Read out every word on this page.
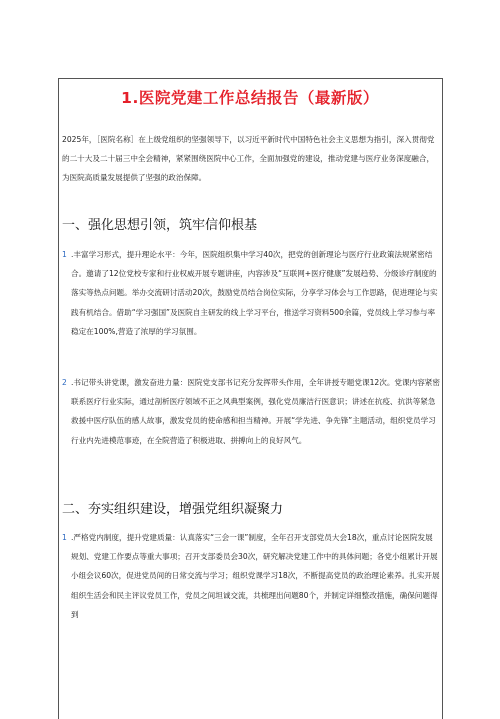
1.医院党建工作总结报告（最新版）
2025年，［医院名称］在上级党组织的坚强领导下，以习近平新时代中国特色社会主义思想为指引，深入贯彻党的二十大及二十届三中全会精神，紧紧围绕医院中心工作，全面加强党的建设，推动党建与医疗业务深度融合，为医院高质量发展提供了坚强的政治保障。
一、强化思想引领，筑牢信仰根基
1 .丰富学习形式，提升理论水平：今年，医院组织集中学习40次，把党的创新理论与医疗行业政策法规紧密结合。邀请了12位党校专家和行业权威开展专题讲座，内容涉及“互联网+医疗健康”发展趋势、分级诊疗制度的落实等热点问题。举办交流研讨活动20次，鼓励党员结合岗位实际，分享学习体会与工作思路，促进理论与实践有机结合。借助“学习强国”及医院自主研发的线上学习平台，推送学习资料500余篇，党员线上学习参与率稳定在100%,营造了浓厚的学习氛围。
2 .书记带头讲党课，激发奋进力量：医院党支部书记充分发挥带头作用，全年讲授专题党课12次。党课内容紧密联系医疗行业实际，通过剖析医疗领域不正之风典型案例，强化党员廉洁行医意识；讲述在抗疫、抗洪等紧急救援中医疗队伍的感人故事，激发党员的使命感和担当精神。开展“学先进、争先锋”主题活动，组织党员学习行业内先进模范事迹，在全院营造了积极进取、拼搏向上的良好风气。
二、夯实组织建设，增强党组织凝聚力
1 .严格党内制度，提升党建质量：认真落实“三会一课”制度，全年召开支部党员大会18次，重点讨论医院发展规划、党建工作要点等重大事项；召开支部委员会30次，研究解决党建工作中的具体问题；各党小组累计开展小组会议60次，促进党员间的日常交流与学习；组织党课学习18次，不断提高党员的政治理论素养。扎实开展组织生活会和民主评议党员工作，党员之间坦诚交流，共梳理出问题80个，并制定详细整改措施，确保问题得到
